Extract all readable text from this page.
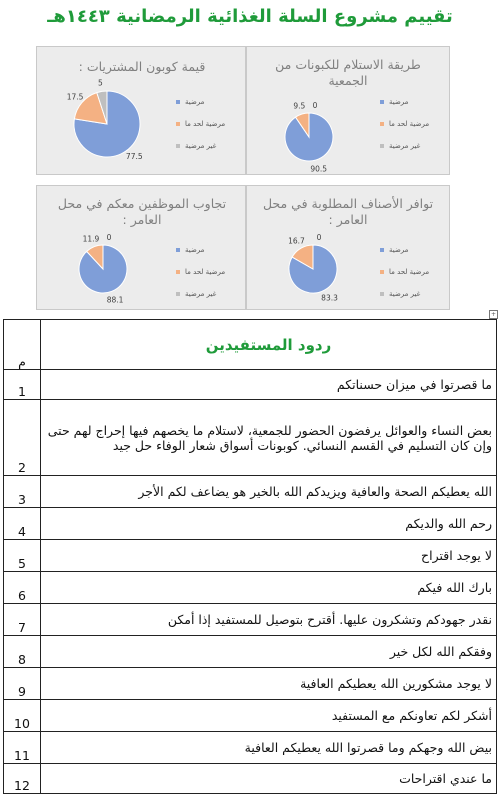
تقييم مشروع السلة الغذائية الرمضانية ١٤٤٣هـ
طريقة الاستلام للكبونات من الجمعية
90.5
9.5 0	مرضية
مرضية لحد ما
غير مرضية
قيمة كوبون المشتريات :
77.5
17.5
5
مرضية
مرضية لحد ما
غير مرضية
توافر الأصناف المطلوبة في محل العامر :
83.3
16.7 0
مرضية
مرضية لحد ما
غير مرضية
تجاوب الموظفين معكم في محل العامر :
88.1
11.9 0
مرضية
مرضية لحد ما
غير مرضية
+
ردود المستفيدين	م
ما قصرتوا في ميزان حسناتكم	1
بعض النساء والعوائل يرفضون الحضور للجمعية، لاستلام ما يخصهم فيها إحراج لهم حتى وإن كان التسليم في القسم النسائي. كوبونات أسواق شعار الوفاء حل جيد	2
الله يعطيكم الصحة والعافية ويزيدكم الله بالخير هو يضاعف لكم الأجر	3
رحم الله والديكم	4
لا يوجد اقتراح	5
بارك الله فيكم	6
نقدر جهودكم وتشكرون عليها. أقترح بتوصيل للمستفيد إذا أمكن	7
وفقكم الله لكل خير	8
لا يوجد مشكورين الله يعطيكم العافية	9
أشكر لكم تعاونكم مع المستفيد	10
بيض الله وجهكم وما قصرتوا الله يعطيكم العافية	11
ما عندي اقتراحات	12
